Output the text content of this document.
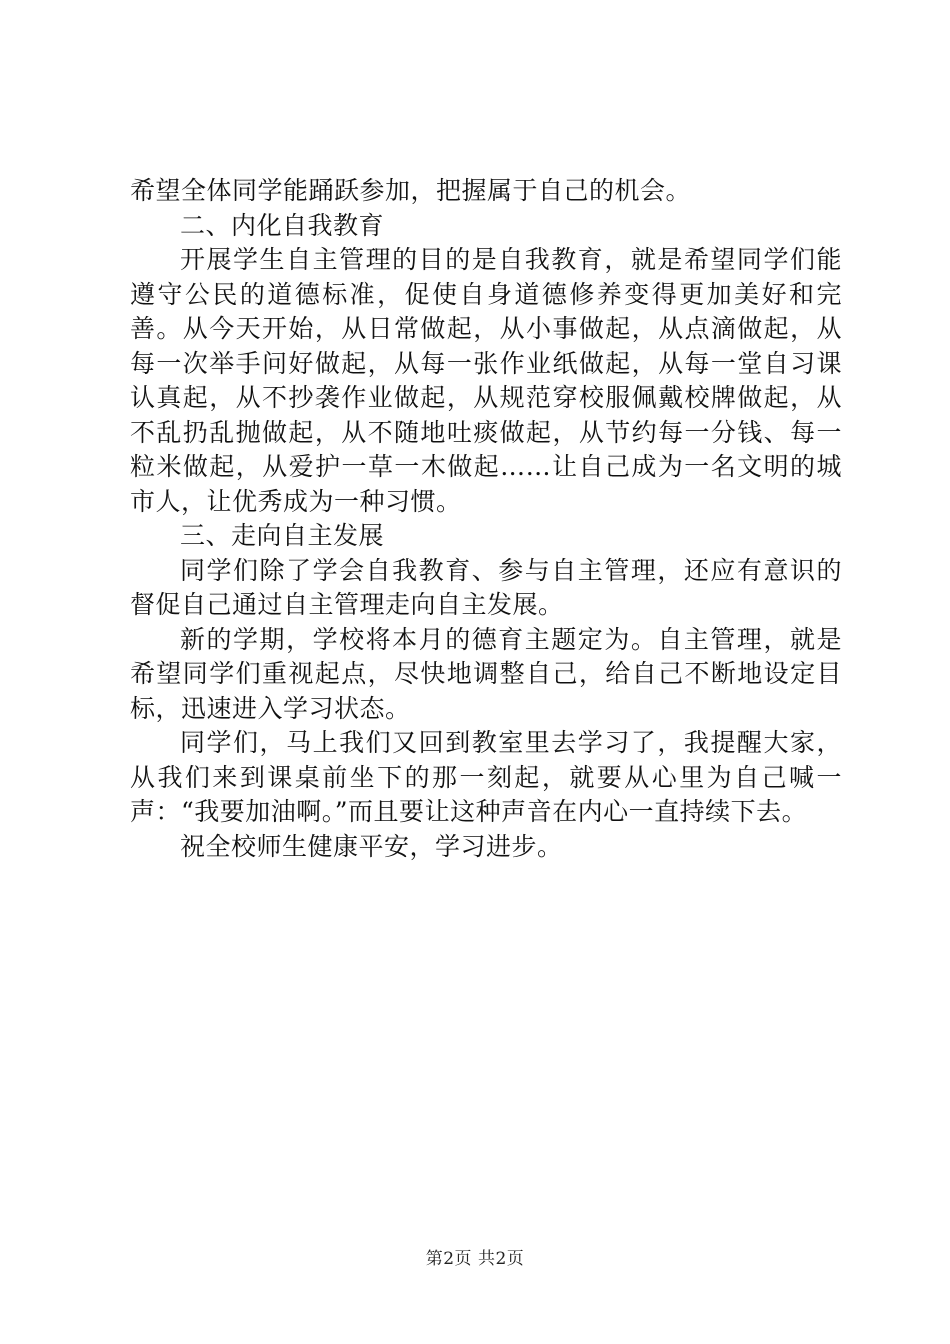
希望全体同学能踊跃参加，把握属于自己的机会。

二、内化自我教育

开展学生自主管理的目的是自我教育，就是希望同学们能遵守公民的道德标准，促使自身道德修养变得更加美好和完善。从今天开始，从日常做起，从小事做起，从点滴做起，从每一次举手问好做起，从每一张作业纸做起，从每一堂自习课认真起，从不抄袭作业做起，从规范穿校服佩戴校牌做起，从不乱扔乱抛做起，从不随地吐痰做起，从节约每一分钱、每一粒米做起，从爱护一草一木做起……让自己成为一名文明的城市人，让优秀成为一种习惯。

三、走向自主发展

同学们除了学会自我教育、参与自主管理，还应有意识的督促自己通过自主管理走向自主发展。

新的学期，学校将本月的德育主题定为。自主管理，就是希望同学们重视起点，尽快地调整自己，给自己不断地设定目标，迅速进入学习状态。

同学们，马上我们又回到教室里去学习了，我提醒大家，从我们来到课桌前坐下的那一刻起，就要从心里为自己喊一声：“我要加油啊。”而且要让这种声音在内心一直持续下去。

祝全校师生健康平安，学习进步。

第2页 共2页
